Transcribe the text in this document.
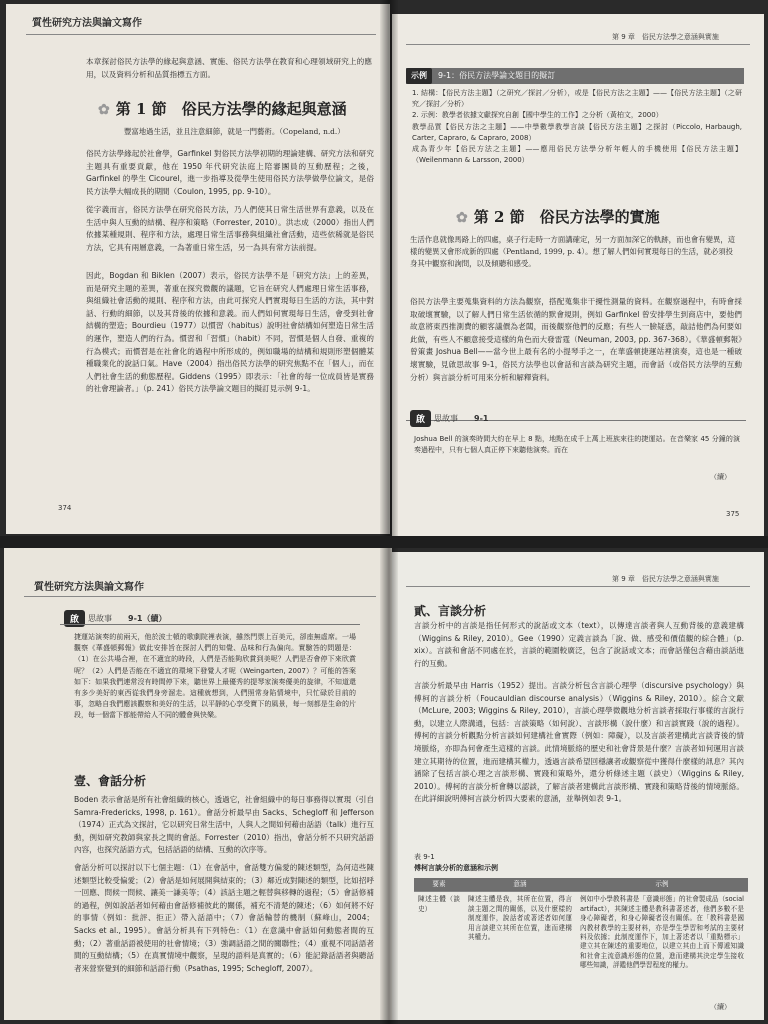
質性研究方法與論文寫作

本章探討俗民方法學的緣起與意涵、實施、俗民方法學在教育和心理領域研究上的應用，以及資料分析和品質指標五方面。

✿ 第 1 節　俗民方法學的緣起與意涵
豐富地過生活，並且注意細節，就是一門藝術。（Copeland, n.d.）

俗民方法學緣起於社會學，Garfinkel 對俗民方法學初期的理論建構、研究方法和研究主題具有重要貢獻，他在 1950 年代研究法庭上陪審團員的互動歷程；之後，Garfinkel 的學生 Cicourel，進一步指導及從學生使用俗民方法學做學位論文，是俗民方法學大幅成長的期間（Coulon, 1995, pp. 9-10）。

從字義而言，俗民方法學在研究俗民方法，乃人們使其日常生活世界有意義，以及在生活中與人互動的結構、程序和策略（Forrester, 2010）。洪志成（2000）指出人們依據某種規則、程序和方法，處理日常生活事務與組織社會活動，這些依稀就是俗民方法，它具有兩層意義，一為著重日常生活，另一為具有常方法前提。

因此，Bogdan 和 Biklen（2007）表示，俗民方法學不是「研究方法」上的差異，而是研究主題的差異，著重在探究微觀的議題，它旨在研究人們處理日常生活事務，與組織社會活動的規則、程序和方法，由此可探究人們實現每日生活的方法，其中對話、行動的細節，以及其背後的依據和意義。而人們如何實現每日生活，會受到社會結構的塑造；Bourdieu（1977）以慣習（habitus）說明社會結構如何塑造日常生活的運作，塑造人們的行為。慣習和「習慣」（habit）不同，習慣是個人自發、重複的行為模式；而慣習是在社會化的過程中所形成的，例如職場的結構和規則形塑個體某種職業化的說話口氣。Have（2004）指出俗民方法學的研究焦點不在「個人」，而在人們社會生活的動態歷程。Giddens（1995）即表示：「社會的每一位成員皆是實務的社會理論者。」（p. 241）俗民方法學論文題目的擬訂見示例 9-1。

374
第 9 章　俗民方法學之意涵與實施
示例 9-1：俗民方法學論文題目的擬訂
1. 結構：【俗民方法主題】（之研究／探討／分析），或是【俗民方法之主題】——【俗民方法主題】（之研究／探討／分析）
2. 示例：教學者依據文獻探究自創【國中學生的工作】之分析（黃柏文，2000）
教學品質【俗民方法之主題】——中學數學教學言談【俗民方法主題】之探討（Piccolo, Harbaugh, Carter, Capraro, & Capraro, 2008）
成為青少年【俗民方法之主題】——應用俗民方法學分析年輕人的手機使用【俗民方法主題】（Weilenmann & Larsson, 2000）
✿ 第 2 節　俗民方法學的實施
生活作息就像馬路上的四處，桌子行走時一方面講確定，另一方面加深它的軌跡，而也會有變異，這樣的變異又會形成新的四處（Pentland, 1999, p. 4）。想了解人們如何實現每日的生活，就必須投身其中觀察和詢問，以及傾聽和感受。

俗民方法學主要蒐集資料的方法為觀察，搭配蒐集非干擾性測量的資料。在觀察過程中，有時會採取破壞實驗，以了解人們日常生活依循的默會規則，例如 Garfinkel 曾安排學生到商店中，要他們故意將東西推測費的顧客議價為老闆，而後觀察他們的反應；有些人一臉疑惑，敲詰他們為何要如此做，有些人不顧意接受這樣的角色而大發雷霆（Neuman, 2003, pp. 367-368）。《華盛頓郵報》曾策畫 Joshua Bell——當今世上最有名的小提琴手之一，在華盛頓捷運站裡演奏，這也是一種破壞實驗，見啟思故事 9-1，俗民方法學也以會話和言談為研究主題，而會話（或俗民方法學的互動分析）與言談分析可用來分析和解釋資料。

啟	思故事　　 9-1

Joshua Bell 的演奏時間大約在早上 8 點，地點在成千上萬上班族來往的捷運站。在音樂家 45 分鐘的演奏過程中，只有七個人真正停下來聽他演奏。而在

（續）
375
質性研究方法與論文寫作
啟	思故事　　 9-1（續）

捷運站演奏的前兩天，他於波士頓的歌劇院裡表演，雖然門票上百美元，卻座無虛席。一場觀察《華盛頓郵報》做此安排旨在探討人們的知覺、品味和行為偏向。實驗答的問題是：（1）在公共場合裡，在不適宜的時段，人們是否能夠欣賞到美呢？人們是否會停下來欣賞呢？（2）人們是否能在不適宜的環境下發覺人才呢（Weingarten, 2007）？可能的答案如下：如果我們連常沒有時間停下來，聽世界上最優秀的提琴家演奏優美的旋律，不知道還有多少美好的東西從我們身旁溜走。這種就想到，人們照常身陷情境中，只忙碌於目前的事，忽略自我們應該觀察和美好的生活，以平靜的心享受寶下的風景，每一刻都是生命的片段，每一個當下都能帶給人不同的體會與快樂。

壹、會話分析

Boden 表示會話是所有社會組織的核心，透過它，社會組織中的每日事務得以實現（引自 Samra-Fredericks, 1998, p. 161）。會話分析最早由 Sacks、Schegloff 和 Jefferson（1974）正式為文探討，它以研究日常生活中，人與人之間如何藉由話語（talk）進行互動，例如研究教師與家長之間的會話。Forrester（2010）指出，會話分析不只研究話語內容，也探究話語方式，包括話語的結構、互動的次序等。

會話分析可以探討以下七個主題：（1）在會話中，會話雙方偏愛的陳述類型，為何這些陳述類型比較受偏愛；（2）會話是如何展開與結束的；（3）鄰近成對陳述的類型，比如招呼一回應、問候一問候、讓美一謙美等；（4）該話主題之輕替與移轉的過程；（5）會話修補的過程，例如說話者如何藉由會話修補彼此的關係，補充不清楚的陳述；（6）如何將不好的事情（例如：批評、拒正）帶入話語中；（7）會話輪替的機制（蘇峰山，2004；Sacks et al., 1995）。會話分析具有下列特色：（1）在意識中會話如何動態者間的互動；（2）著重話語被使用的社會情境；（3）強調話語之間的關聯性；（4）重視不同話語者間的互動結構；（5）在真實情境中觀察，呈現的語料是真實的；（6）能記錄話語者與聽話者來營察覺到的細節和話語行動（Psathas, 1995; Schegloff, 2007）。

第 9 章　俗民方法學之意涵與實施
貳、言談分析

言談分析中的言談是指任何形式的說話或文本（text），以傳達言談者與人互動背後的意義建構（Wiggins & Riley, 2010）。Gee（1990）定義言談為「說、做、感受和價值觀的綜合體」（p. xix）。言談和會話不同處在於，言談的範圍較廣泛，包含了說話或文本；而會話僅包含藉由談話進行的互動。

言談分析最早由 Harris（1952）提出。言談分析包含言談心理學（discursive psychology）與傅柯的言談分析（Foucauldian discourse analysis）（Wiggins & Riley, 2010）。綜合文獻（McLure, 2003; Wiggins & Riley, 2010），言談心理學微觀地分析言談者採取行事樣的言說行動，以建立人際溝通，包括：言談策略（如何說）、言談形構（說什麼）和言談實踐（說的過程）。傅柯的言談分析觀點分析言談如何建構社會實際（例如：障礙），以及言談者建構此言談背後的情境脈絡，亦即為何會產生這樣的言談。此情境脈絡的歷史和社會背景是什麼？言談者如何運用言談建立其期待的位置，進而建構其權力，透過言談希望回穩讓者或觀察從中獲得什麼樣的訊息？其內涵除了包括言談心理之言談形構、實踐和策略外，還分析條述主題（談史）（Wiggins & Riley, 2010）。傅柯的言談分析會轉以認談，了解言談者建構此言談形構、實踐和策略背後的情境脈絡。在此詳細說明傅柯言談分析四大要素的意涵，並舉例如表 9-1。

表 9-1
傅柯言談分析的意涵和示例
要素	意涵	示例
陳述主體（談史）	陳述主體是我，其所在位置，得言談主題之間的關係，以及什麼樣的制度運作，說話者或著述者如何運用言談建立其所在位置，進而建構其權力。	例如中小學教科書是「意識形態」的社會製成品（social artifact），其陳述主體是教科書著述者，他們多數不是身心障礙者，和身心障礙者沒有關係。在「教科書是國內教材教學的主要材料，亦是學生學習和考試的主要材料及依據；此制度運作下，加上著述者以「重點標示」建立其在陳述的重要地位，以建立其由上而下傳遞知識和社會主流意識形態的位置，進而建構其決定學生接收哪些知識，評鑑他們學習程度的權力。
（續）
